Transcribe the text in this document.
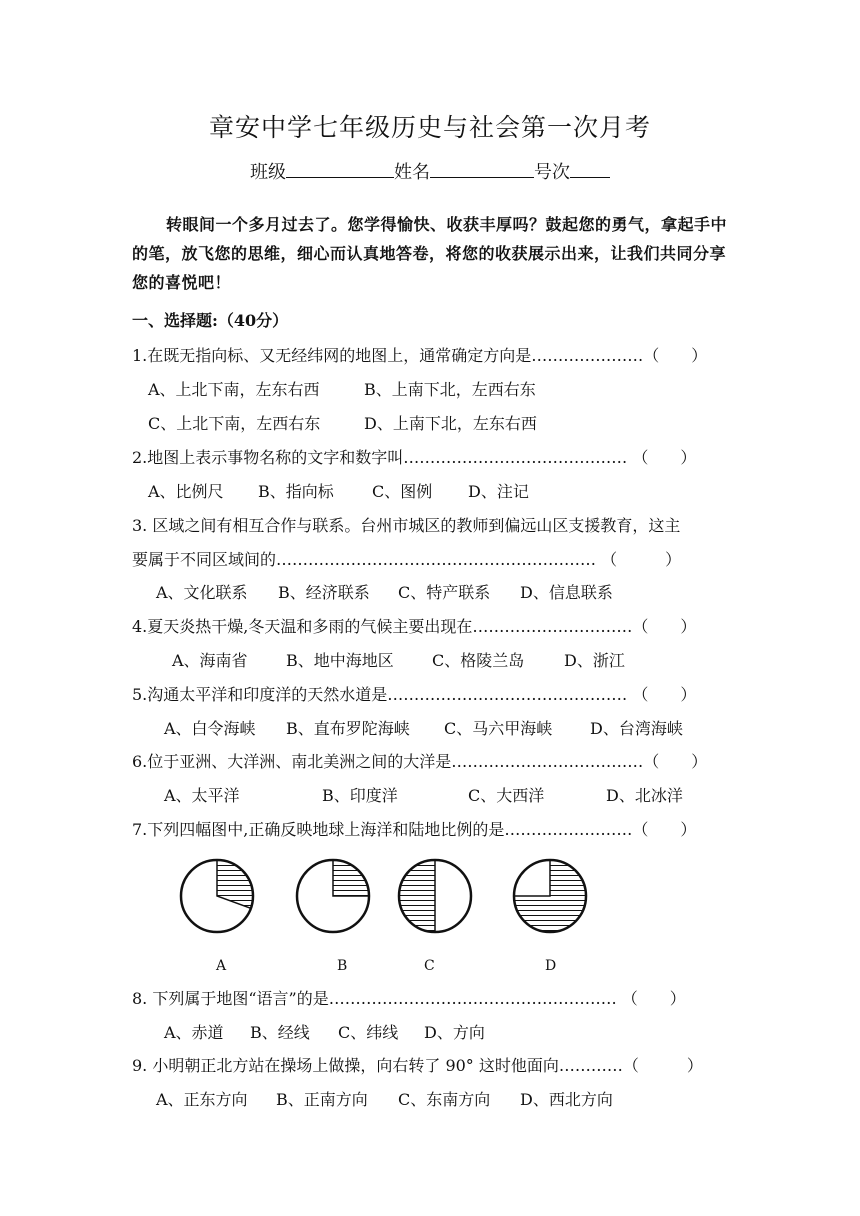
章安中学七年级历史与社会第一次月考
班级	姓名	号次
转眼间一个多月过去了。您学得愉快、收获丰厚吗？鼓起您的勇气，拿起手中的笔，放飞您的思维，细心而认真地答卷，将您的收获展示出来，让我们共同分享您的喜悦吧！
一、选择题:（40分）
1.在既无指向标、又无经纬网的地图上，通常确定方向是…………………（　　）
A、上北下南，左东右西	B、上南下北，左西右东
C、上北下南，左西右东	D、上南下北，左东右西
2.地图上表示事物名称的文字和数字叫…………………………………… （　　）
A、比例尺 B、指向标 C、图例 D、注记
3. 区域之间有相互合作与联系。台州市城区的教师到偏远山区支援教育，这主
要属于不同区域间的…………………………………………………… （　　　）
A、文化联系 B、经济联系 C、特产联系 D、信息联系
4.夏天炎热干燥,冬天温和多雨的气候主要出现在…………………………（　　）
A、海南省 B、地中海地区 C、格陵兰岛 D、浙江
5.沟通太平洋和印度洋的天然水道是……………………………………… （　　）
A、白令海峡 B、直布罗陀海峡 C、马六甲海峡 D、台湾海峡
6.位于亚洲、大洋洲、南北美洲之间的大洋是………………………………（　　）
A、太平洋	B、印度洋	C、大西洋	D、北冰洋
7.下列四幅图中,正确反映地球上海洋和陆地比例的是……………………（　　）
A	B	C	D
8. 下列属于地图“语言”的是……………………………………………… （　　）
A、赤道 B、经线 C、纬线 D、方向
9. 小明朝正北方站在操场上做操，向右转了 90° 这时他面向…………（　　　）
A、正东方向 B、正南方向 C、东南方向 D、西北方向
